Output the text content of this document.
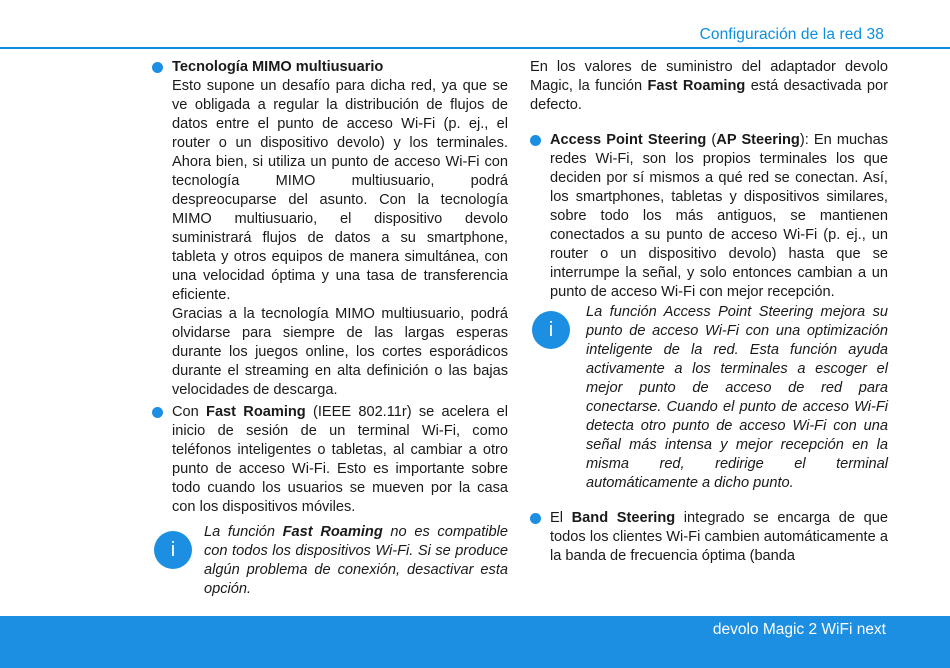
Configuración de la red 38

Tecnología MIMO multiusuario

Esto supone un desafío para dicha red, ya que se ve obligada a regular la distribución de flujos de datos entre el punto de acceso Wi-Fi (p. ej., el router o un dispositivo devolo) y los terminales. Ahora bien, si utiliza un punto de acceso Wi-Fi con tecnología MIMO multiusuario, podrá despreocuparse del asunto. Con la tecnología MIMO multiusuario, el dispositivo devolo suministrará flujos de datos a su smartphone, tableta y otros equipos de manera simultánea, con una velocidad óptima y una tasa de transferencia eficiente.

Gracias a la tecnología MIMO multiusuario, podrá olvidarse para siempre de las largas esperas durante los juegos online, los cortes esporádicos durante el streaming en alta definición o las bajas velocidades de descarga.

Con Fast Roaming (IEEE 802.11r) se acelera el inicio de sesión de un terminal Wi-Fi, como teléfonos inteligentes o tabletas, al cambiar a otro punto de acceso Wi-Fi. Esto es importante sobre todo cuando los usuarios se mueven por la casa con los dispositivos móviles.

i

La función Fast Roaming no es compatible con todos los dispositivos Wi-Fi. Si se produce algún problema de conexión, desactivar esta opción.

En los valores de suministro del adaptador devolo Magic, la función Fast Roaming está desactivada por defecto.

Access Point Steering (AP Steering): En muchas redes Wi-Fi, son los propios terminales los que deciden por sí mismos a qué red se conectan. Así, los smartphones, tabletas y dispositivos similares, sobre todo los más antiguos, se mantienen conectados a su punto de acceso Wi-Fi (p. ej., un router o un dispositivo devolo) hasta que se interrumpe la señal, y solo entonces cambian a un punto de acceso Wi-Fi con mejor recepción.

i

La función Access Point Steering mejora su punto de acceso Wi-Fi con una optimización inteligente de la red. Esta función ayuda activamente a los terminales a escoger el mejor punto de acceso de red para conectarse. Cuando el punto de acceso Wi-Fi detecta otro punto de acceso Wi-Fi con una señal más intensa y mejor recepción en la misma red, redirige el terminal automáticamente a dicho punto.

El Band Steering integrado se encarga de que todos los clientes Wi-Fi cambien automáticamente a la banda de frecuencia óptima (banda

devolo Magic 2 WiFi next
